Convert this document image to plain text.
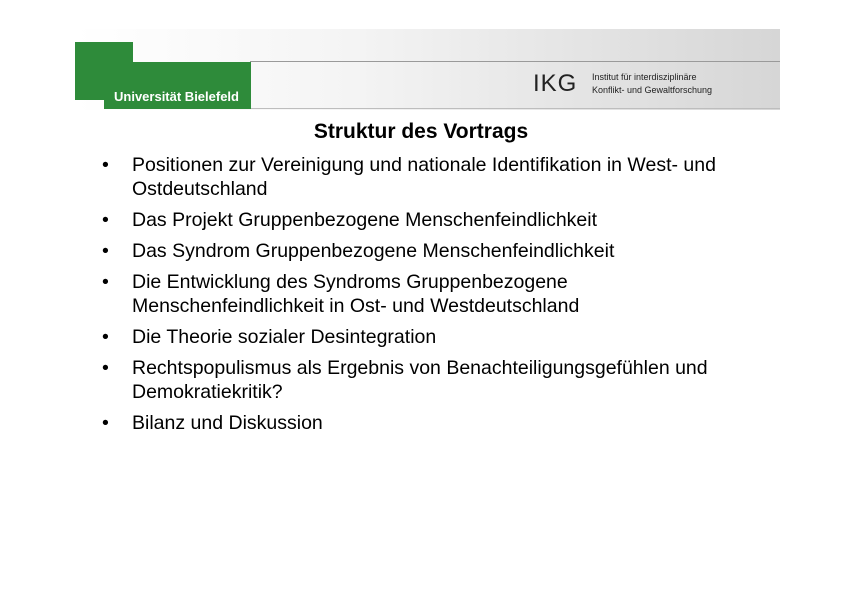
Universität Bielefeld	IKG Institut für interdisziplinäre
Konflikt- und Gewaltforschung
Struktur des Vortrags
• Positionen zur Vereinigung und nationale Identifikation in West- und Ostdeutschland
• Das Projekt Gruppenbezogene Menschenfeindlichkeit
• Das Syndrom Gruppenbezogene Menschenfeindlichkeit
• Die Entwicklung des Syndroms Gruppenbezogene Menschenfeindlichkeit in Ost- und Westdeutschland
• Die Theorie sozialer Desintegration
• Rechtspopulismus als Ergebnis von Benachteiligungsgefühlen und Demokratiekritik?
• Bilanz und Diskussion
